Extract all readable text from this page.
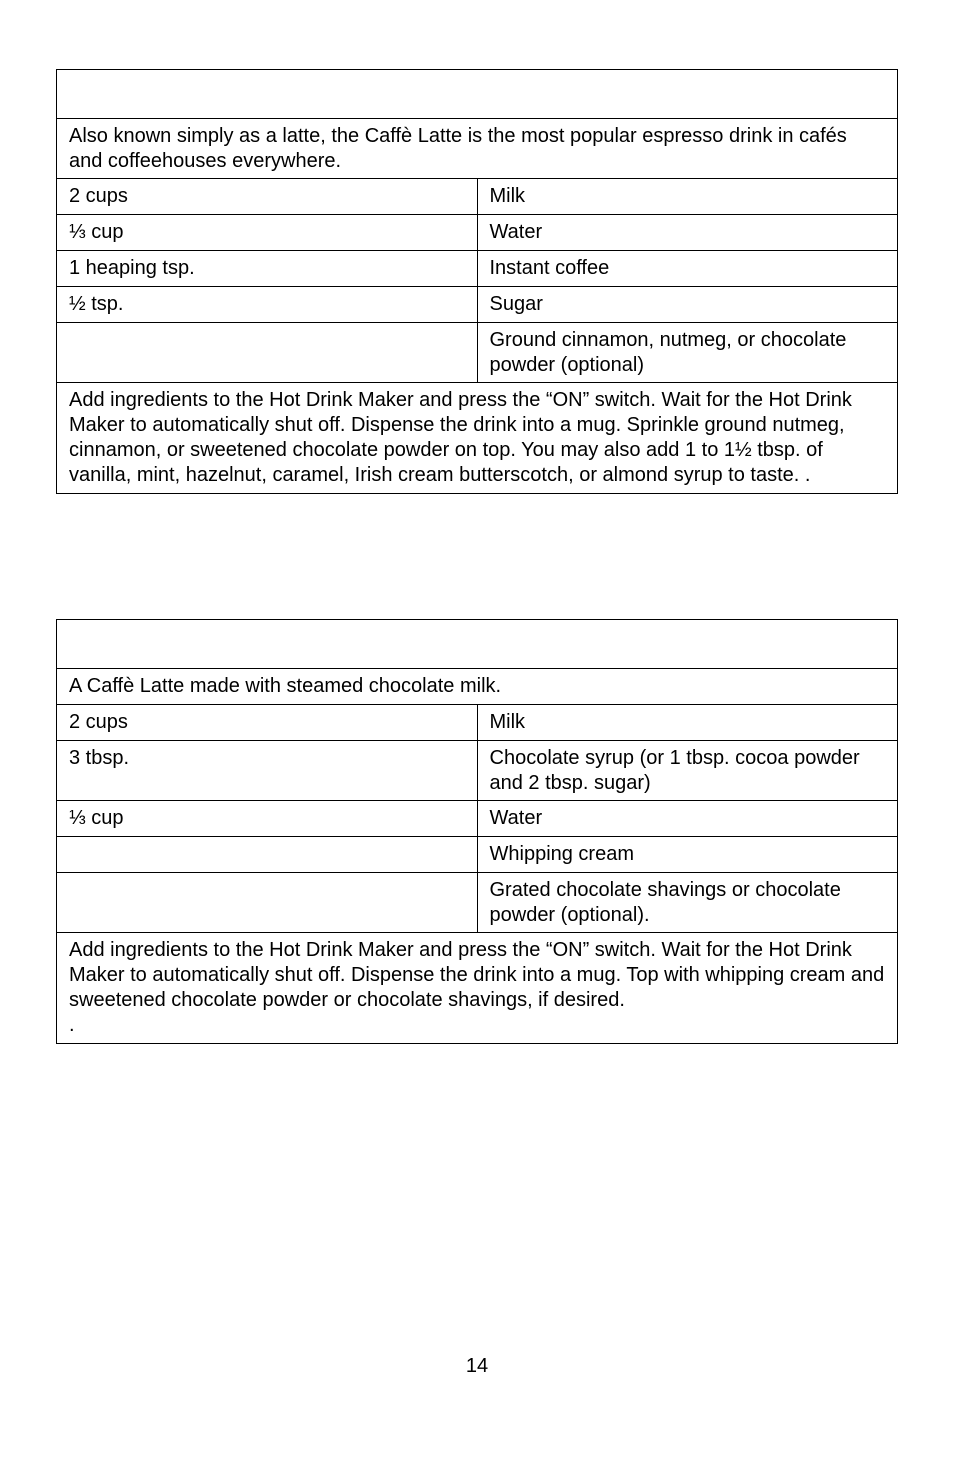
Also known simply as a latte, the Caffè Latte is the most popular espresso drink in cafés and coffeehouses everywhere.	
2 cups	Milk
⅓ cup	Water
1 heaping tsp.	Instant coffee
½ tsp.	Sugar
	Ground cinnamon, nutmeg, or chocolate powder (optional)
Add ingredients to the Hot Drink Maker and press the “ON” switch. Wait for the Hot Drink Maker to automatically shut off. Dispense the drink into a mug. Sprinkle ground nutmeg, cinnamon, or sweetened chocolate powder on top. You may also add 1 to 1½ tbsp. of vanilla, mint, hazelnut, caramel, Irish cream butterscotch, or almond syrup to taste. .	

A Caffè Latte made with steamed chocolate milk.	
2 cups	Milk
3 tbsp.	Chocolate syrup (or 1 tbsp. cocoa powder and 2 tbsp. sugar)
⅓ cup	Water
	Whipping cream
	Grated chocolate shavings or chocolate powder (optional).
Add ingredients to the Hot Drink Maker and press the “ON” switch. Wait for the Hot Drink Maker to automatically shut off. Dispense the drink into a mug. Top with whipping cream and sweetened chocolate powder or chocolate shavings, if desired.
.	
14
